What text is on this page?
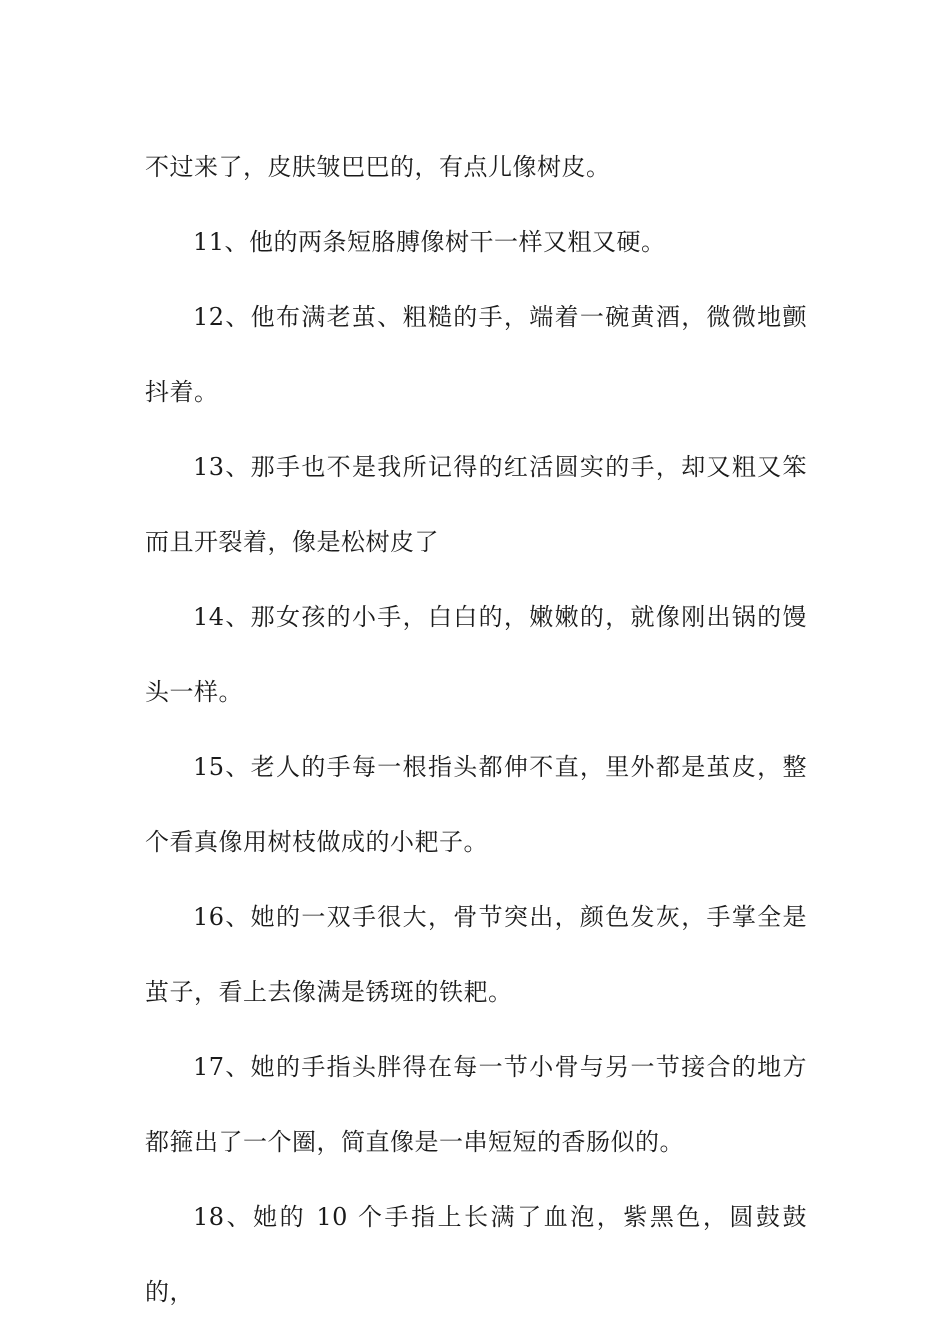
不过来了，皮肤皱巴巴的，有点儿像树皮。

11、他的两条短胳膊像树干一样又粗又硬。

12、他布满老茧、粗糙的手，端着一碗黄酒，微微地颤抖着。

13、那手也不是我所记得的红活圆实的手，却又粗又笨而且开裂着，像是松树皮了

14、那女孩的小手，白白的，嫩嫩的，就像刚出锅的馒头一样。

15、老人的手每一根指头都伸不直，里外都是茧皮，整个看真像用树枝做成的小耙子。

16、她的一双手很大，骨节突出，颜色发灰，手掌全是茧子，看上去像满是锈斑的铁耙。

17、她的手指头胖得在每一节小骨与另一节接合的地方都箍出了一个圈，简直像是一串短短的香肠似的。

18、她的 10 个手指上长满了血泡，紫黑色，圆鼓鼓的，
